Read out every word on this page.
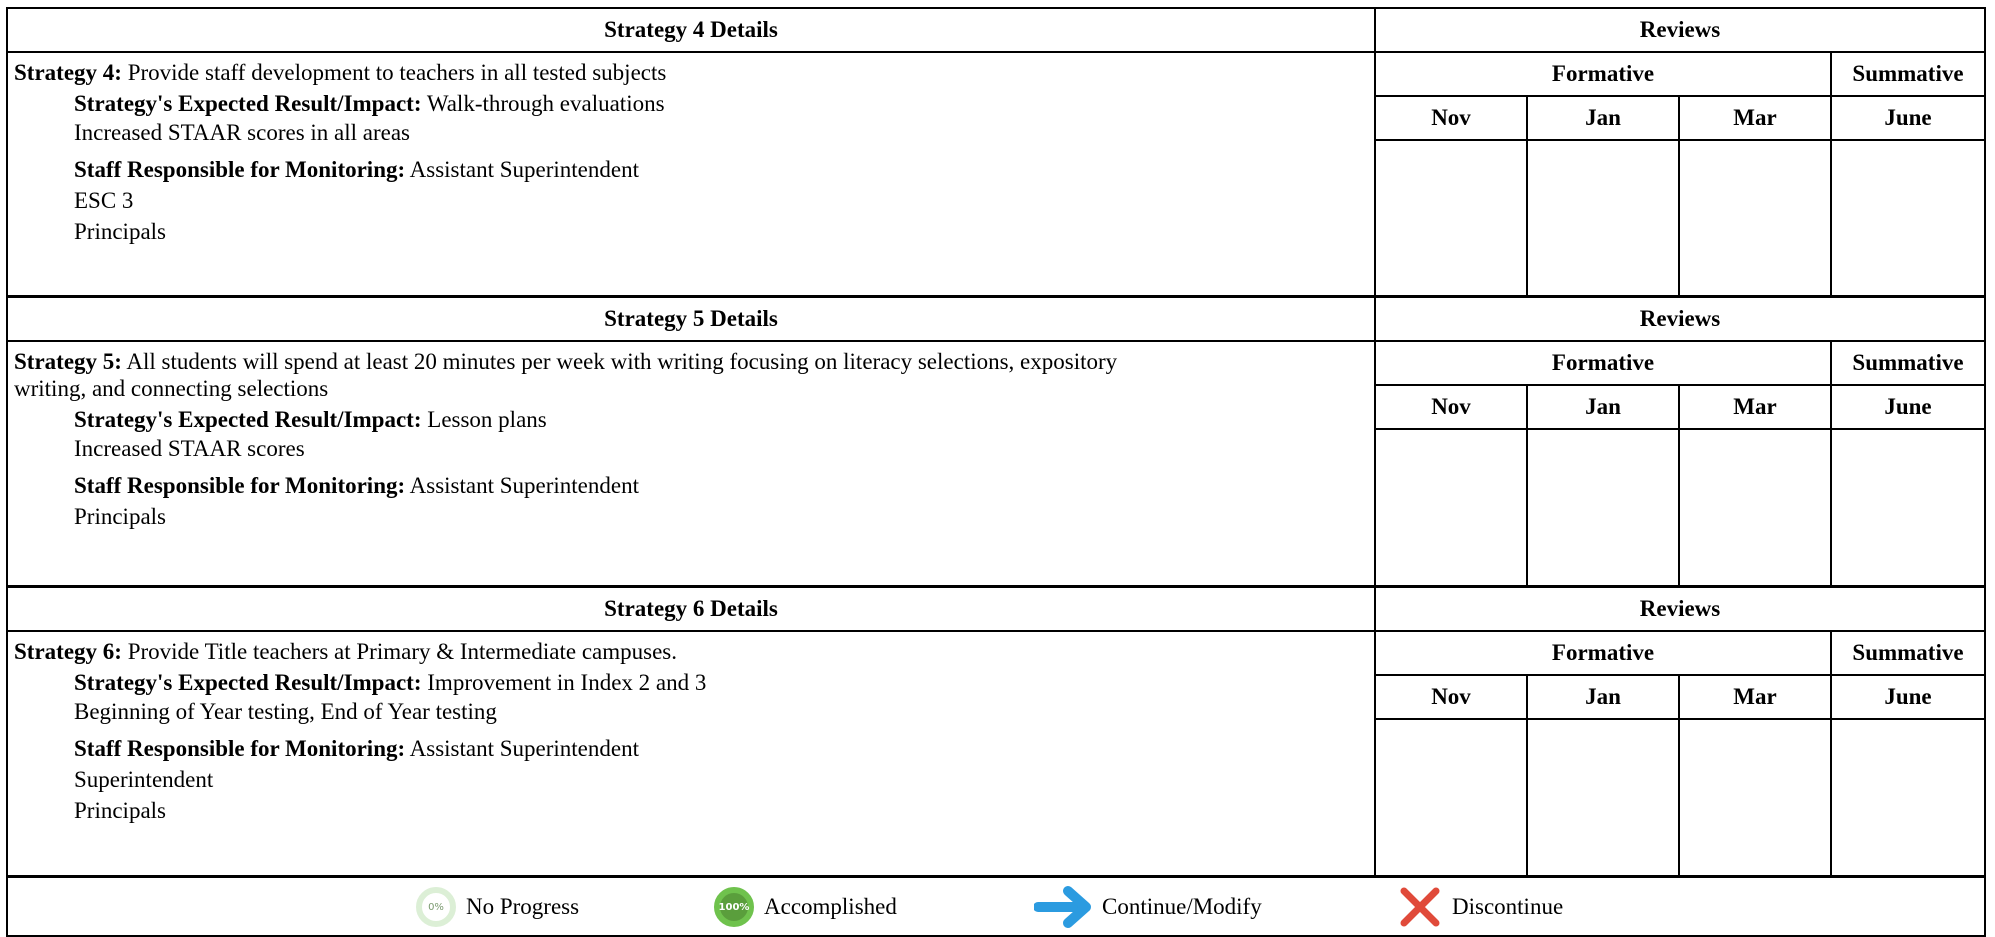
Strategy 4 Details	Reviews
Strategy 4: Provide staff development to teachers in all tested subjects
Strategy's Expected Result/Impact: Walk-through evaluations
Increased STAAR scores in all areas
Staff Responsible for Monitoring: Assistant Superintendent
ESC 3
Principals
Formative	Summative
Nov	Jan	Mar	June
Strategy 5 Details	Reviews
Strategy 5: All students will spend at least 20 minutes per week with writing focusing on literacy selections, expository
writing, and connecting selections
Strategy's Expected Result/Impact: Lesson plans
Increased STAAR scores
Staff Responsible for Monitoring: Assistant Superintendent
Principals
Formative	Summative
Nov	Jan	Mar	June
Strategy 6 Details	Reviews
Strategy 6: Provide Title teachers at Primary & Intermediate campuses.
Strategy's Expected Result/Impact: Improvement in Index 2 and 3
Beginning of Year testing, End of Year testing
Staff Responsible for Monitoring: Assistant Superintendent
Superintendent
Principals
Formative	Summative
Nov	Jan	Mar	June
0% No Progress	100% Accomplished	Continue/Modify	Discontinue
